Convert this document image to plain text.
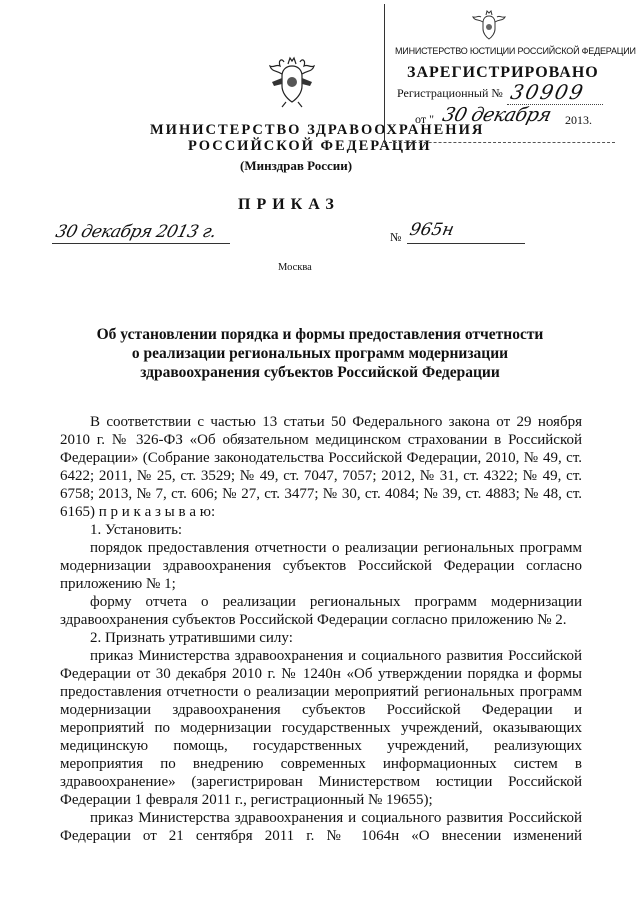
МИНИСТЕРСТВО ЗДРАВООХРАНЕНИЯ
РОССИЙСКОЙ ФЕДЕРАЦИИ
(Минздрав России)
МИНИСТЕРСТВО ЮСТИЦИИ РОССИЙСКОЙ ФЕДЕРАЦИИ
ЗАРЕГИСТРИРОВАНО
Регистрационный № 30909
от " 30 декабря 2013.
ПРИКАЗ
30 декабря 2013 г.	№ 965н
Москва
Об установлении порядка и формы предоставления отчетности
о реализации региональных программ модернизации
здравоохранения субъектов Российской Федерации

В соответствии с частью 13 статьи 50 Федерального закона от 29 ноября 2010 г. № 326-ФЗ «Об обязательном медицинском страховании в Российской Федерации» (Собрание законодательства Российской Федерации, 2010, № 49, ст. 6422; 2011, № 25, ст. 3529; № 49, ст. 7047, 7057; 2012, № 31, ст. 4322; № 49, ст. 6758; 2013, № 7, ст. 606; № 27, ст. 3477; № 30, ст. 4084; № 39, ст. 4883; № 48, ст. 6165) п р и к а з ы в а ю:

1. Установить:

порядок предоставления отчетности о реализации региональных программ модернизации здравоохранения субъектов Российской Федерации согласно приложению № 1;

форму отчета о реализации региональных программ модернизации здравоохранения субъектов Российской Федерации согласно приложению № 2.

2. Признать утратившими силу:

приказ Министерства здравоохранения и социального развития Российской Федерации от 30 декабря 2010 г. № 1240н «Об утверждении порядка и формы предоставления отчетности о реализации мероприятий региональных программ модернизации здравоохранения субъектов Российской Федерации и мероприятий по модернизации государственных учреждений, оказывающих медицинскую помощь, государственных учреждений, реализующих мероприятия по внедрению современных информационных систем в здравоохранение» (зарегистрирован Министерством юстиции Российской Федерации 1 февраля 2011 г., регистрационный № 19655);

приказ Министерства здравоохранения и социального развития Российской Федерации от 21 сентября 2011 г. № 1064н «О внесении изменений
